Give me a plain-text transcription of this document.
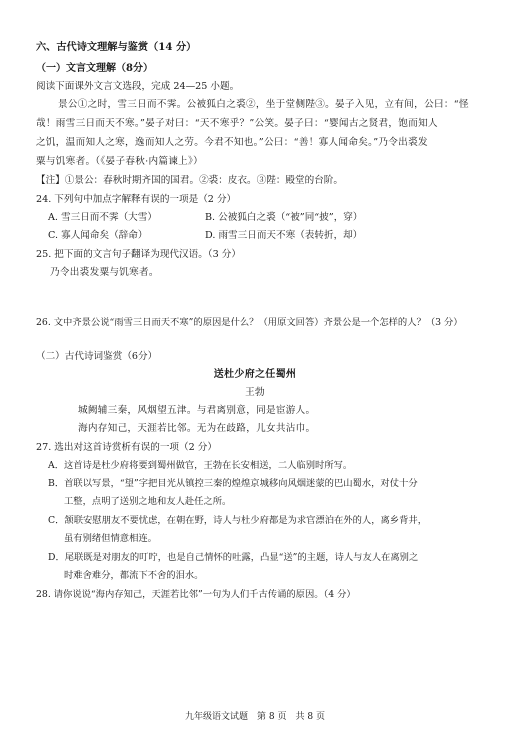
六、古代诗文理解与鉴赏（14 分）
（一）文言文理解（8分）
阅读下面课外文言文选段，完成 24—25 小题。
景公①之时，雪三日而不霁。公被狐白之裘②，坐于堂侧陛③。晏子入见，立有间，公曰：“怪
哉！雨雪三日而天不寒。”晏子对曰：“天不寒乎？”公笑。晏子曰：“婴闻古之贤君，饱而知人
之饥，温而知人之寒，逸而知人之劳。今君不知也。”公曰：“善！寡人闻命矣。”乃令出裘发
粟与饥寒者。（《晏子春秋·内篇谏上》）
【注】①景公：春秋时期齐国的国君。②裘：皮衣。③陛：殿堂的台阶。
24. 下列句中加点字解释有误的一项是（2 分）
A. 雪三日而不霁（大雪）	B. 公被狐白之裘（“被”同“披”，穿）
C. 寡人闻命矣（辞命）	D. 雨雪三日而天不寒（表转折，却）
25. 把下面的文言句子翻译为现代汉语。（3 分）
乃令出裘发粟与饥寒者。
26. 文中齐景公说“雨雪三日而天不寒”的原因是什么？（用原文回答）齐景公是一个怎样的人？（3 分）
（二）古代诗词鉴赏（6分）
送杜少府之任蜀州
王勃
城阙辅三秦，风烟望五津。与君离别意，同是宦游人。
海内存知己，天涯若比邻。无为在歧路，儿女共沾巾。
27. 选出对这首诗赏析有误的一项（2 分）
A．这首诗是杜少府将要到蜀州做官，王勃在长安相送，二人临别时所写。
B．首联以写景，“望”字把目光从镇控三秦的煌煌京城移向风烟迷蒙的巴山蜀水，对仗十分
工整，点明了送别之地和友人赴任之所。
C．颔联安慰朋友不要忧虑，在朝在野，诗人与杜少府都是为求官漂泊在外的人，离乡背井，
虽有别绪但情意相连。
D．尾联既是对朋友的叮咛，也是自己情怀的吐露，凸显“送”的主题，诗人与友人在离别之
时难舍难分，都流下不舍的泪水。
28. 请你说说“海内存知己，天涯若比邻”一句为人们千古传诵的原因。（4 分）
九年级语文试题　第 8 页　共 8 页
